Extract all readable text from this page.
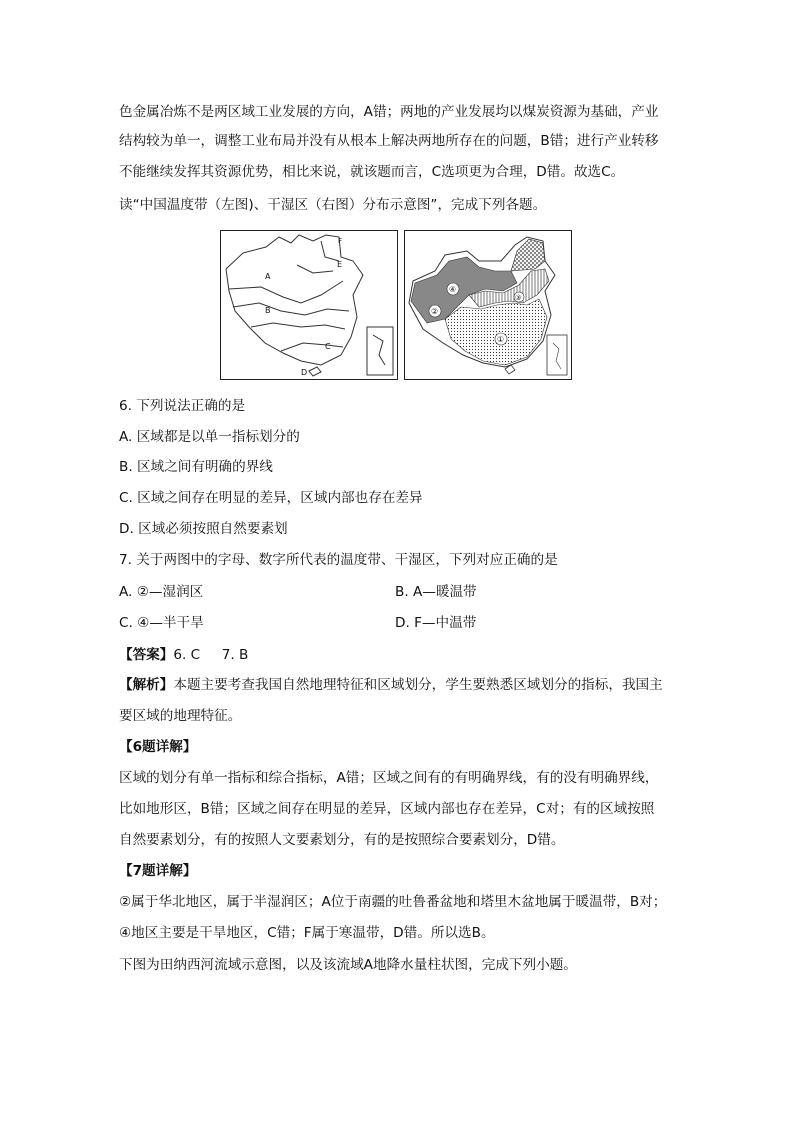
色金属冶炼不是两区域工业发展的方向，A错；两地的产业发展均以煤炭资源为基础，产业
结构较为单一，调整工业布局并没有从根本上解决两地所存在的问题，B错；进行产业转移
不能继续发挥其资源优势，相比来说，就该题而言，C选项更为合理，D错。故选C。
读“中国温度带（左图)、干湿区（右图）分布示意图”，完成下列各题。
A
B
C
D
E
F
①
②
③
④
6. 下列说法正确的是
A. 区域都是以单一指标划分的
B. 区域之间有明确的界线
C. 区域之间存在明显的差异，区域内部也存在差异
D. 区域必须按照自然要素划
7. 关于两图中的字母、数字所代表的温度带、干湿区，下列对应正确的是
A. ②—湿润区	B. A—暖温带
C. ④—半干旱	D. F—中温带
【答案】6. C     7. B
【解析】本题主要考查我国自然地理特征和区域划分，学生要熟悉区域划分的指标，我国主
要区域的地理特征。
【6题详解】
区域的划分有单一指标和综合指标，A错；区域之间有的有明确界线，有的没有明确界线，
比如地形区，B错；区域之间存在明显的差异，区域内部也存在差异，C对；有的区域按照
自然要素划分，有的按照人文要素划分，有的是按照综合要素划分，D错。
【7题详解】
②属于华北地区，属于半湿润区；A位于南疆的吐鲁番盆地和塔里木盆地属于暖温带，B对；
④地区主要是干旱地区，C错；F属于寒温带，D错。所以选B。
下图为田纳西河流域示意图，以及该流域A地降水量柱状图，完成下列小题。
